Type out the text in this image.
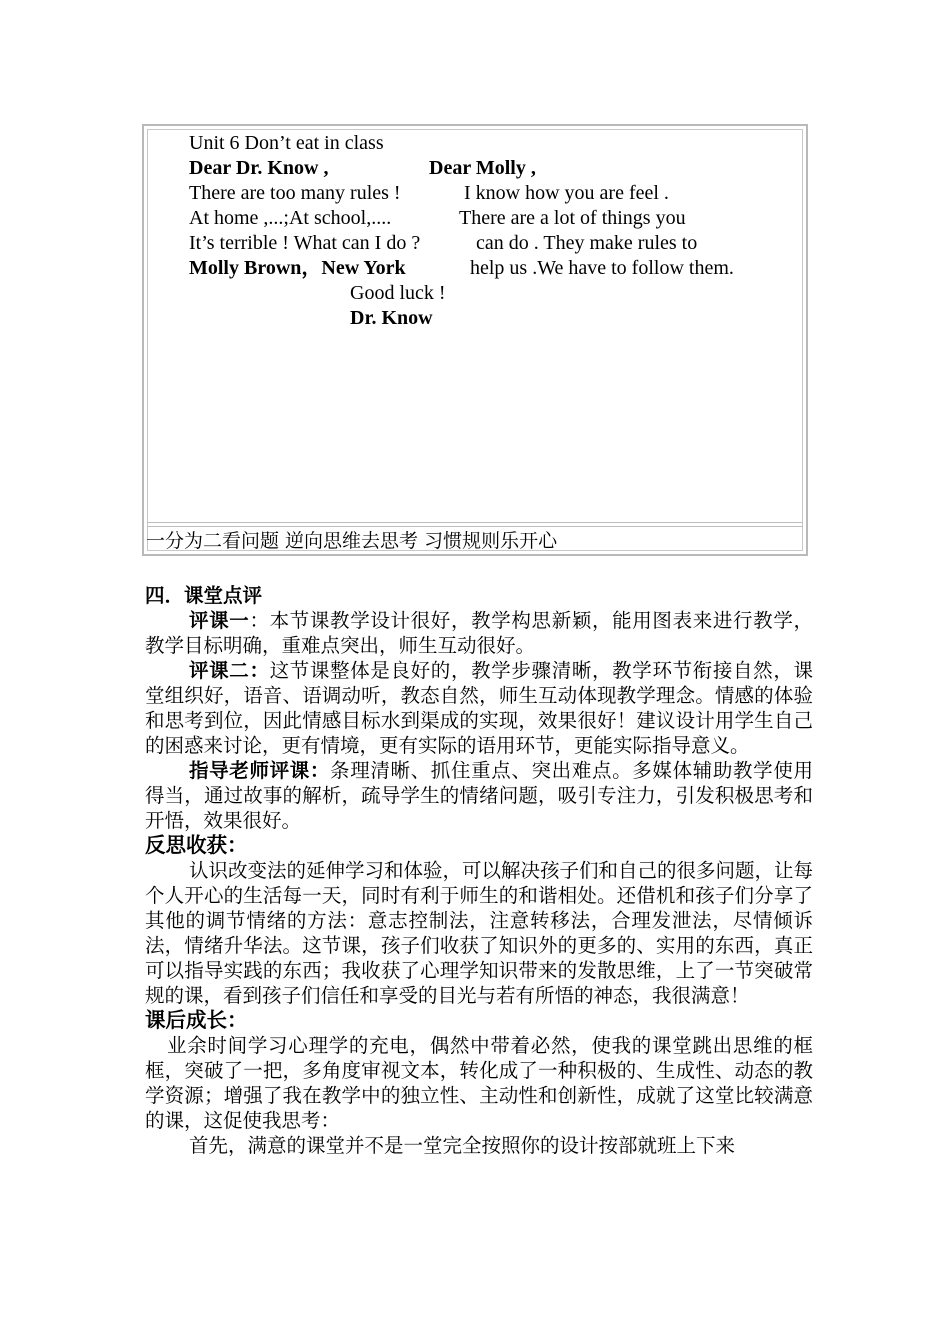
Unit 6 Don’t eat in class
Dear Dr. Know ,	Dear Molly ,
There are too many rules !	I know how you are feel .
At home ,...;At school,....	There are a lot of things you
It’s terrible ! What can I do ?	can do . They make rules to
Molly Brown，New York	help us .We have to follow them.
Good luck !
Dr. Know
一分为二看问题 逆向思维去思考 习惯规则乐开心

四．课堂点评

评课一：本节课教学设计很好，教学构思新颖，能用图表来进行教学，教学目标明确，重难点突出，师生互动很好。

评课二：这节课整体是良好的，教学步骤清晰，教学环节衔接自然，课堂组织好，语音、语调动听，教态自然，师生互动体现教学理念。情感的体验和思考到位，因此情感目标水到渠成的实现，效果很好！建议设计用学生自己的困惑来讨论，更有情境，更有实际的语用环节，更能实际指导意义。

指导老师评课：条理清晰、抓住重点、突出难点。多媒体辅助教学使用得当，通过故事的解析，疏导学生的情绪问题，吸引专注力，引发积极思考和开悟，效果很好。

反思收获：

认识改变法的延伸学习和体验，可以解决孩子们和自己的很多问题，让每个人开心的生活每一天，同时有利于师生的和谐相处。还借机和孩子们分享了其他的调节情绪的方法：意志控制法，注意转移法，合理发泄法，尽情倾诉法，情绪升华法。这节课，孩子们收获了知识外的更多的、实用的东西，真正可以指导实践的东西；我收获了心理学知识带来的发散思维，上了一节突破常规的课，看到孩子们信任和享受的目光与若有所悟的神态，我很满意！

课后成长：

业余时间学习心理学的充电，偶然中带着必然，使我的课堂跳出思维的框框，突破了一把，多角度审视文本，转化成了一种积极的、生成性、动态的教学资源；增强了我在教学中的独立性、主动性和创新性，成就了这堂比较满意的课，这促使我思考：

首先，满意的课堂并不是一堂完全按照你的设计按部就班上下来
